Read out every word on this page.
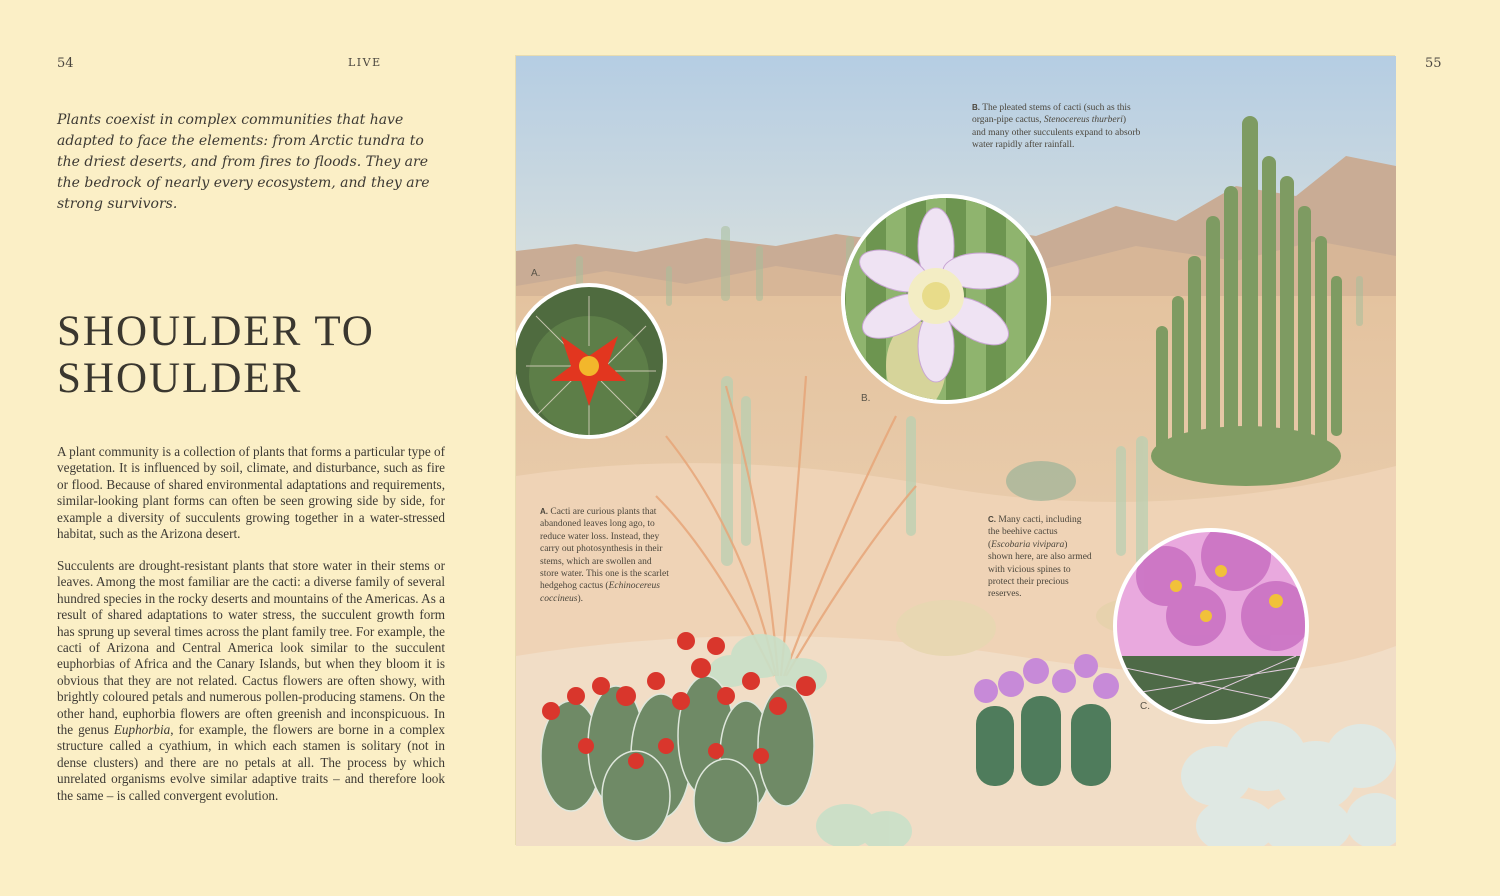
54	LIVE	55

Plants coexist in complex communities that have adapted to face the elements: from Arctic tundra to the driest deserts, and from fires to floods. They are the bedrock of nearly every ecosystem, and they are strong survivors.

SHOULDER TO
SHOULDER

A plant community is a collection of plants that forms a particular type of vegetation. It is influenced by soil, climate, and disturbance, such as fire or flood. Because of shared environmental adaptations and requirements, similar-looking plant forms can often be seen growing side by side, for example a diversity of succulents growing together in a water-stressed habitat, such as the Arizona desert.

Succulents are drought-resistant plants that store water in their stems or leaves. Among the most familiar are the cacti: a diverse family of several hundred species in the rocky deserts and mountains of the Americas. As a result of shared adaptations to water stress, the succulent growth form has sprung up several times across the plant family tree. For example, the cacti of Arizona and Central America look similar to the succulent euphorbias of Africa and the Canary Islands, but when they bloom it is obvious that they are not related. Cactus flowers are often showy, with brightly coloured petals and numerous pollen-producing stamens. On the other hand, euphorbia flowers are often greenish and inconspicuous. In the genus Euphorbia, for example, the flowers are borne in a complex structure called a cyathium, in which each stamen is solitary (not in dense clusters) and there are no petals at all. The process by which unrelated organisms evolve similar adaptive traits – and therefore look the same – is called convergent evolution.

B. The pleated stems of cacti (such as this organ-pipe cactus, Stenocereus thurberi) and many other succulents expand to absorb water rapidly after rainfall.
A. Cacti are curious plants that abandoned leaves long ago, to reduce water loss. Instead, they carry out photosynthesis in their stems, which are swollen and store water. This one is the scarlet hedgehog cactus (Echinocereus coccineus).
C. Many cacti, including the beehive cactus (Escobaria vivipara) shown here, are also armed with vicious spines to protect their precious reserves.
A.
B.
C.
